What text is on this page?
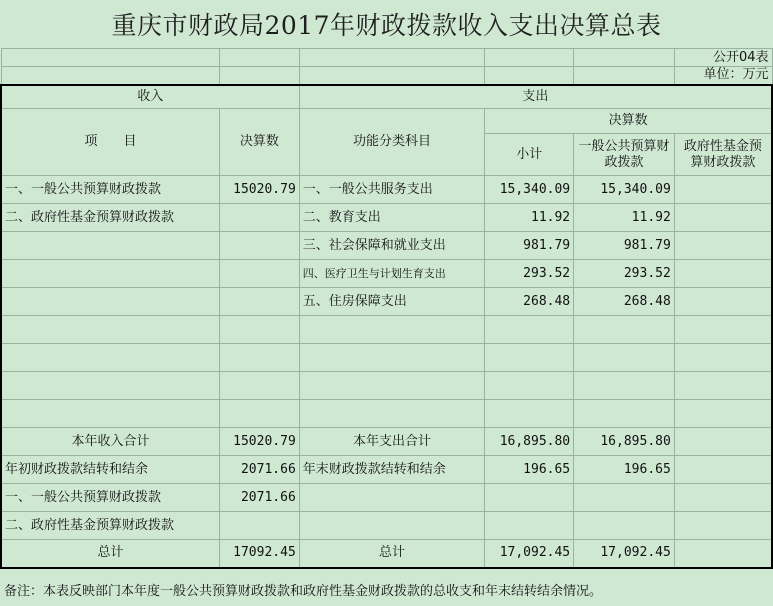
重庆市财政局2017年财政拨款收入支出决算总表
					公开04表
					单位：万元
收入		支出			
项　　目	决算数	功能分类科目	决算数		
			小计	一般公共预算财政拨款	政府性基金预算财政拨款
一、一般公共预算财政拨款	15020.79	一、一般公共服务支出	15,340.09	15,340.09	
二、政府性基金预算财政拨款		二、教育支出	11.92	11.92	
		三、社会保障和就业支出	981.79	981.79	
		四、医疗卫生与计划生育支出	293.52	293.52	
		五、住房保障支出	268.48	268.48	

本年收入合计	15020.79	本年支出合计	16,895.80	16,895.80	
年初财政拨款结转和结余	2071.66	年末财政拨款结转和结余	196.65	196.65	
一、一般公共预算财政拨款	2071.66				
二、政府性基金预算财政拨款					
总计	17092.45	总计	17,092.45	17,092.45	
备注：本表反映部门本年度一般公共预算财政拨款和政府性基金财政拨款的总收支和年末结转结余情况。
